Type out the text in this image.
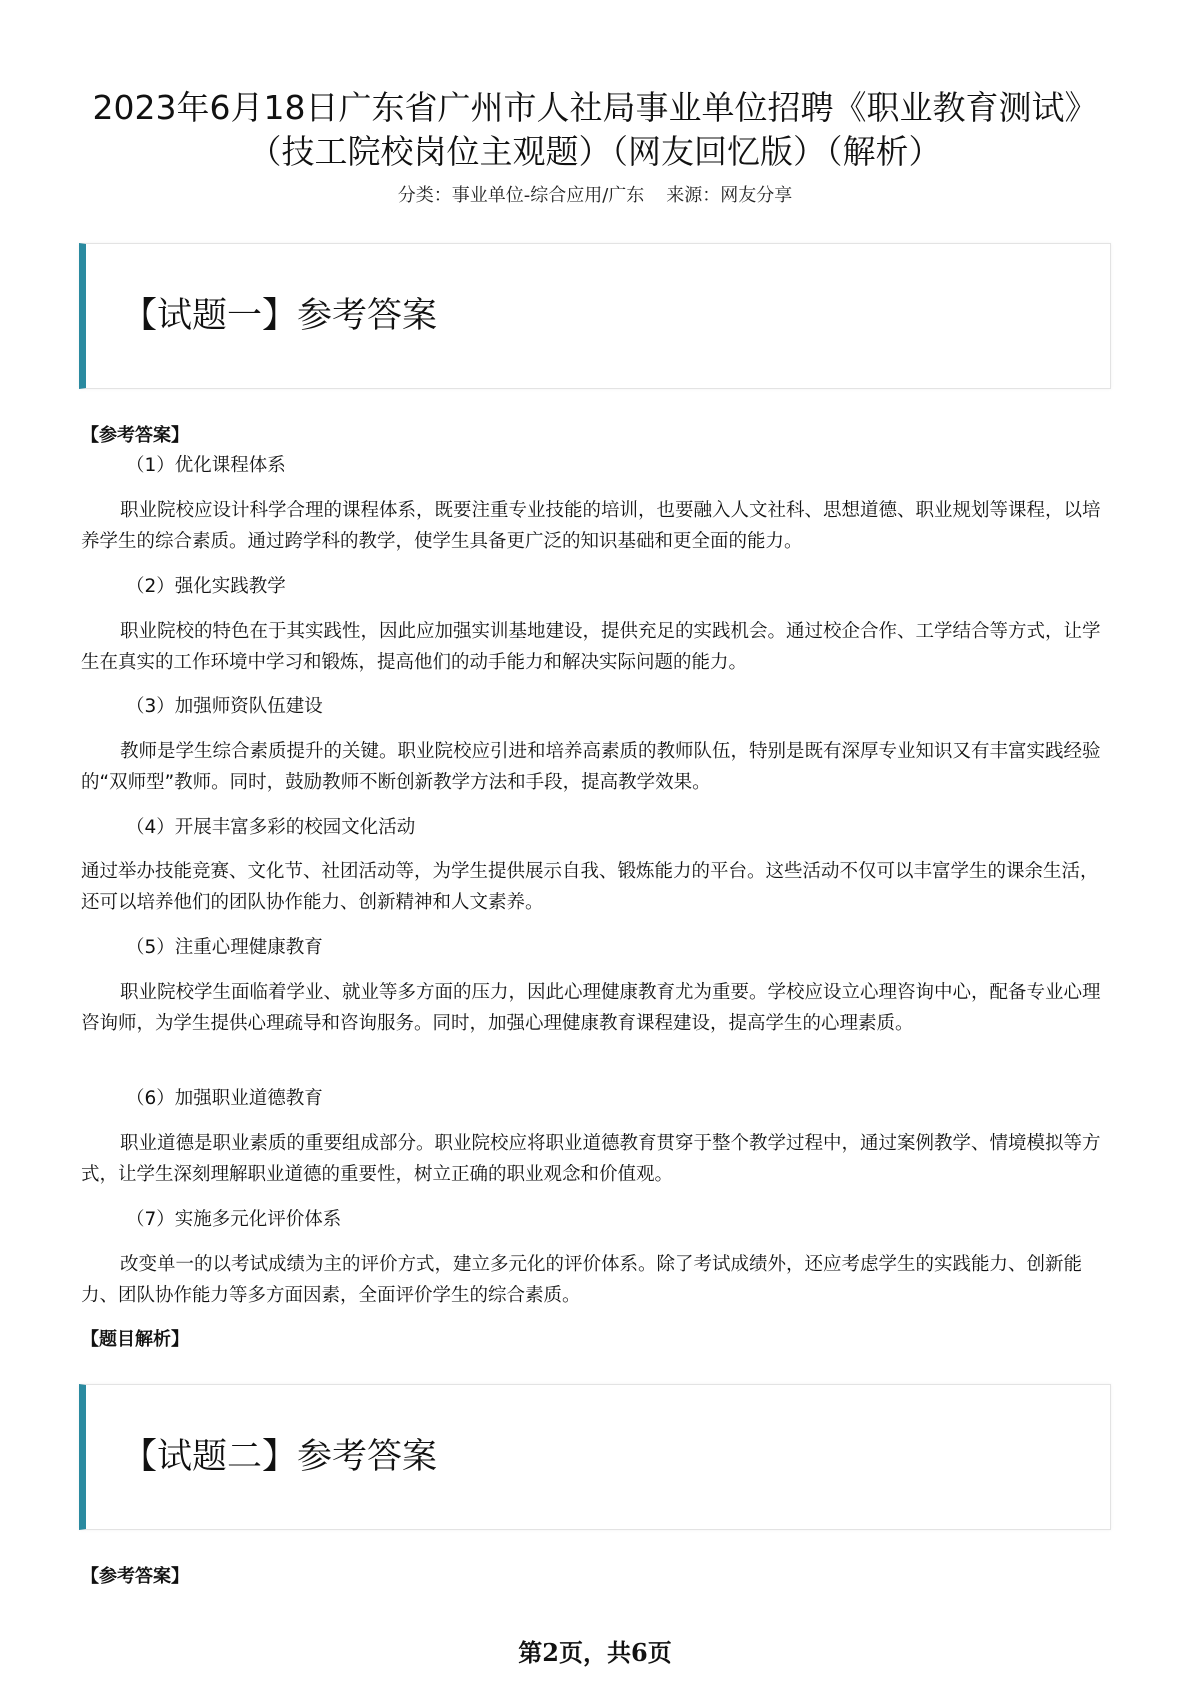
2023年6月18日广东省广州市人社局事业单位招聘《职业教育测试》（技工院校岗位主观题）（网友回忆版）（解析）
分类：事业单位-综合应用/广东 来源：网友分享
【试题一】参考答案
【参考答案】
（1）优化课程体系

职业院校应设计科学合理的课程体系，既要注重专业技能的培训，也要融入人文社科、思想道德、职业规划等课程，以培养学生的综合素质。通过跨学科的教学，使学生具备更广泛的知识基础和更全面的能力。

（2）强化实践教学

职业院校的特色在于其实践性，因此应加强实训基地建设，提供充足的实践机会。通过校企合作、工学结合等方式，让学生在真实的工作环境中学习和锻炼，提高他们的动手能力和解决实际问题的能力。

（3）加强师资队伍建设

教师是学生综合素质提升的关键。职业院校应引进和培养高素质的教师队伍，特别是既有深厚专业知识又有丰富实践经验的“双师型”教师。同时，鼓励教师不断创新教学方法和手段，提高教学效果。

（4）开展丰富多彩的校园文化活动

通过举办技能竞赛、文化节、社团活动等，为学生提供展示自我、锻炼能力的平台。这些活动不仅可以丰富学生的课余生活，还可以培养他们的团队协作能力、创新精神和人文素养。

（5）注重心理健康教育

职业院校学生面临着学业、就业等多方面的压力，因此心理健康教育尤为重要。学校应设立心理咨询中心，配备专业心理咨询师，为学生提供心理疏导和咨询服务。同时，加强心理健康教育课程建设，提高学生的心理素质。

（6）加强职业道德教育

职业道德是职业素质的重要组成部分。职业院校应将职业道德教育贯穿于整个教学过程中，通过案例教学、情境模拟等方式，让学生深刻理解职业道德的重要性，树立正确的职业观念和价值观。

（7）实施多元化评价体系

改变单一的以考试成绩为主的评价方式，建立多元化的评价体系。除了考试成绩外，还应考虑学生的实践能力、创新能力、团队协作能力等多方面因素，全面评价学生的综合素质。

【题目解析】
【试题二】参考答案
【参考答案】
第2页，共6页
